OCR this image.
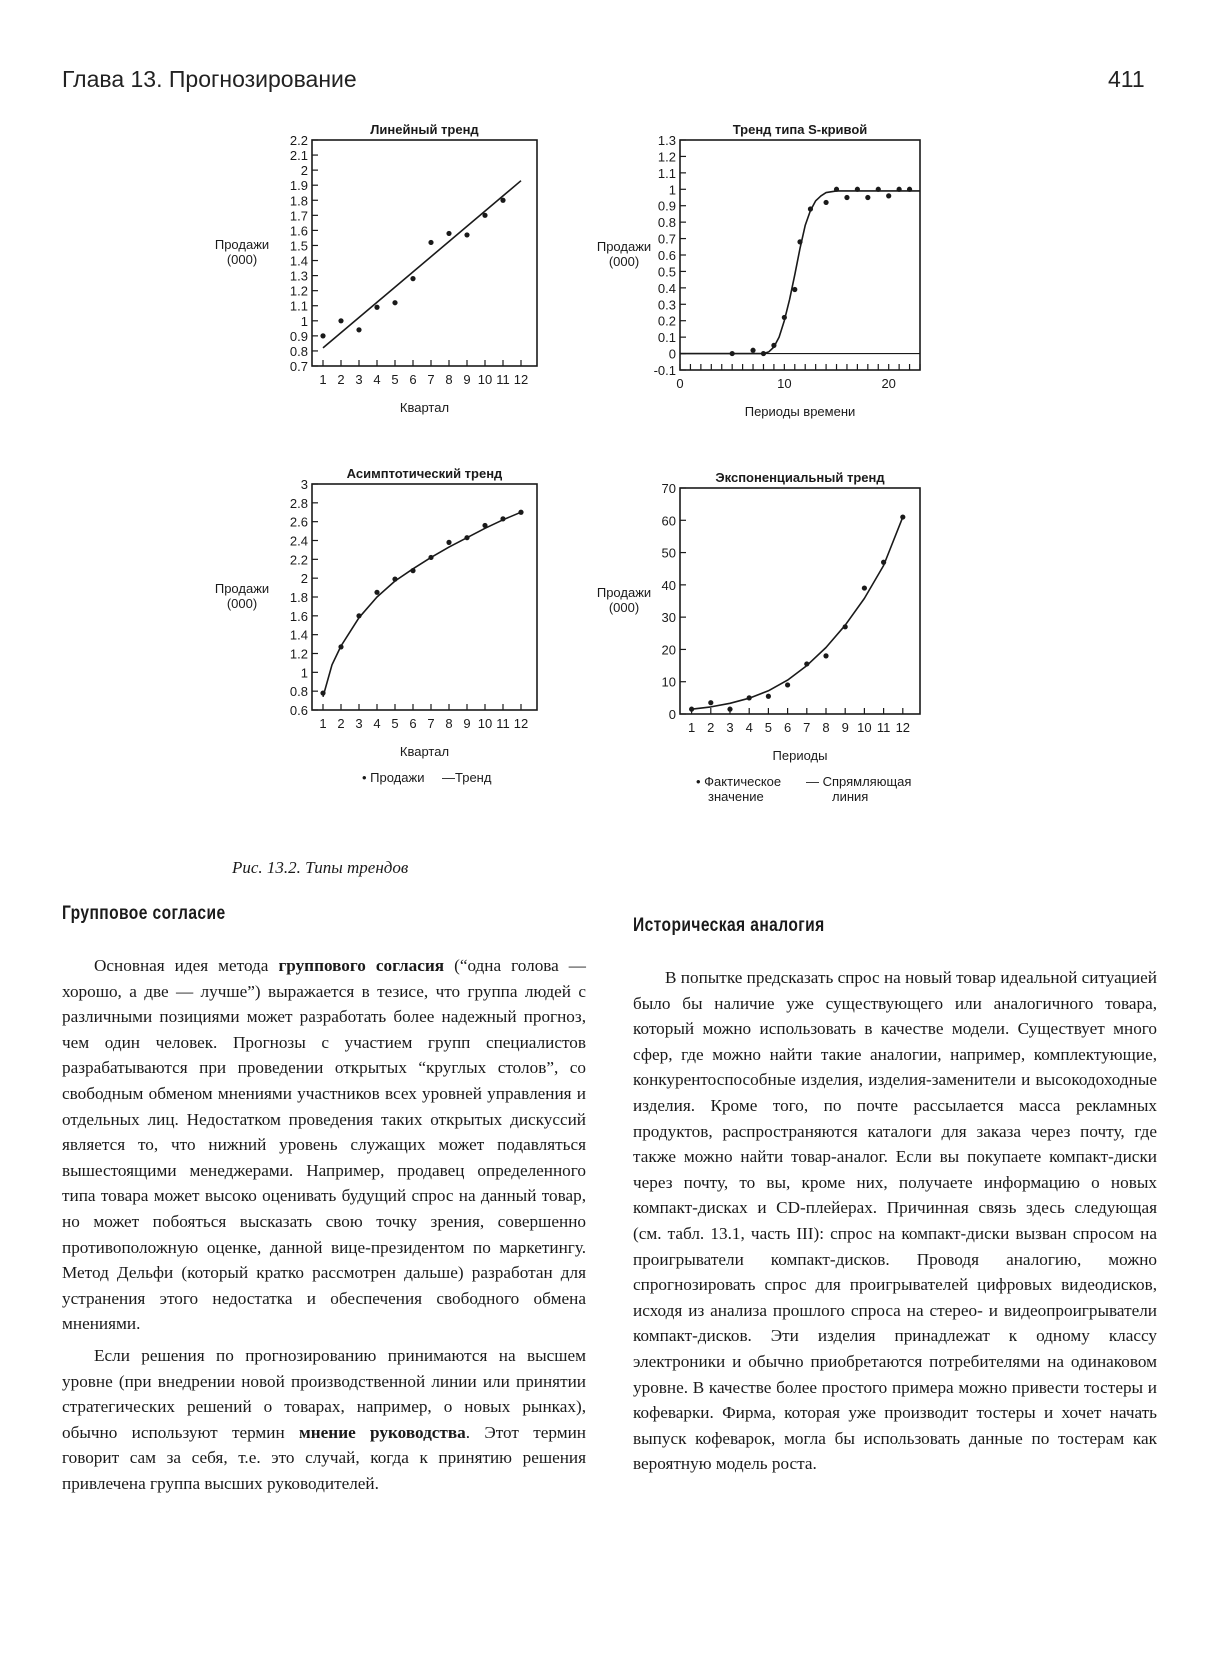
Глава 13. Прогнозирование	411
Линейный тренд
2.2
2.1
2
1.9
1.8
1.7
1.6
1.5
1.4
1.3
1.2
1.1
1
0.9
0.8
0.7
1 2 3 4 5 6 7 8 9 10 11 12
Продажи
(000)
Квартал
Тренд типа S-кривой
1.3
1.2
1.1
1
0.9
0.8
0.7
0.6
0.5
0.4
0.3
0.2
0.1
0
-0.1
0	10	20
Продажи
(000)
Периоды времени
Асимптотический тренд
3
2.8
2.6
2.4
2.2
2
1.8
1.6
1.4
1.2
1
0.8
0.6
1 2 3 4 5 6 7 8 9 10 11 12
Продажи
(000)
Квартал
• Продажи —Тренд
Экспоненциальный тренд
70
60
50
40
30
20
10
0
1 2 3 4 5 6 7 8 9 10 11 12
Продажи
(000)
Периоды
• Фактическое
значение
— Спрямляющая
линия
Рис. 13.2. Типы трендов
Групповое согласие
Историческая аналогия

Основная идея метода группового согласия (“одна голова — хорошо, а две — лучше”) выражается в тезисе, что группа людей с различными позициями может разработать более надежный прогноз, чем один человек. Прогнозы с участием групп специалистов разрабатываются при проведении открытых “круглых столов”, со свободным обменом мнениями участников всех уровней управления и отдельных лиц. Недостатком проведения таких открытых дискуссий является то, что нижний уровень служащих может подавляться вышестоящими менеджерами. Например, продавец определенного типа товара может высоко оценивать будущий спрос на данный товар, но может побояться высказать свою точку зрения, совершенно противоположную оценке, данной вице-президентом по маркетингу. Метод Дельфи (который кратко рассмотрен дальше) разработан для устранения этого недостатка и обеспечения свободного обмена мнениями.

Если решения по прогнозированию принимаются на высшем уровне (при внедрении новой производственной линии или принятии стратегических решений о товарах, например, о новых рынках), обычно используют термин мнение руководства. Этот термин говорит сам за себя, т.е. это случай, когда к принятию решения привлечена группа высших руководителей.

В попытке предсказать спрос на новый товар идеальной ситуацией было бы наличие уже существующего или аналогичного товара, который можно использовать в качестве модели. Существует много сфер, где можно найти такие аналогии, например, комплектующие, конкурентоспособные изделия, изделия-заменители и высокодоходные изделия. Кроме того, по почте рассылается масса рекламных продуктов, распространяются каталоги для заказа через почту, где также можно найти товар-аналог. Если вы покупаете компакт-диски через почту, то вы, кроме них, получаете информацию о новых компакт-дисках и CD-плейерах. Причинная связь здесь следующая (см. табл. 13.1, часть III): спрос на компакт-диски вызван спросом на проигрыватели компакт-дисков. Проводя аналогию, можно спрогнозировать спрос для проигрывателей цифровых видеодисков, исходя из анализа прошлого спроса на стерео- и видеопроигрыватели компакт-дисков. Эти изделия принадлежат к одному классу электроники и обычно приобретаются потребителями на одинаковом уровне. В качестве более простого примера можно привести тостеры и кофеварки. Фирма, которая уже производит тостеры и хочет начать выпуск кофеварок, могла бы использовать данные по тостерам как вероятную модель роста.
